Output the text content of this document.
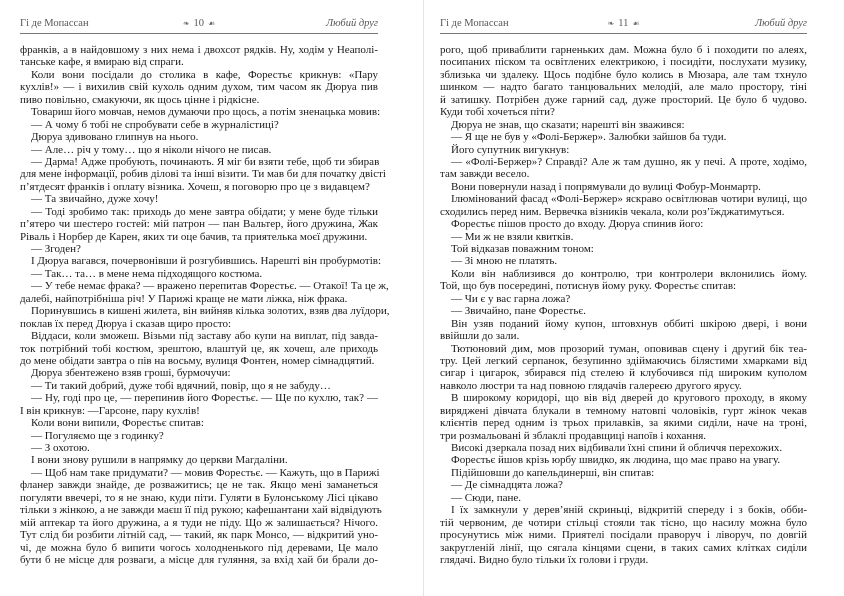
Гі де Мопассан	❧ 10 ☙	Любий друг
франків, а в найдовшому з них нема і двохсот рядків. Ну, ходім у Неаполі-
танське кафе, я вмираю від спраги.
Коли вони посідали до столика в кафе, Форестьє крикнув: «Пару
кухлів!» — і вихилив свій кухоль одним духом, тим часом як Дюруа пив
пиво повільно, смакуючи, як щось цінне і рідкісне.
Товариш його мовчав, немов думаючи про щось, а потім зненацька мовив:
— А чому б тобі не спробувати себе в журналістиці?
Дюруа здивовано глипнув на нього.
— Але… річ у тому… що я ніколи нічого не писав.
— Дарма! Адже пробують, починають. Я міг би взяти тебе, щоб ти збирав
для мене інформації, робив ділові та інші візити. Ти мав би для початку двісті
п’ятдесят франків і оплату візника. Хочеш, я поговорю про це з видавцем?
— Та звичайно, дуже хочу!
— Тоді зробимо так: приходь до мене завтра обідати; у мене буде тільки
п’ятеро чи шестеро гостей: мій патрон — пан Вальтер, його дружина, Жак
Ріваль і Норбер де Карен, яких ти оце бачив, та приятелька моєї дружини.
— Згоден?
І Дюруа вагався, почервонівши й розгубившись. Нарешті він пробурмотів:
— Так… та… в мене нема підходящого костюма.
— У тебе немає фрака? — вражено перепитав Форестьє. — Отакої! Та це ж,
далебі, найпотрібніша річ! У Парижі краще не мати ліжка, ніж фрака.
Поринувшись в кишені жилета, він вийняв кілька золотих, взяв два луїдори,
поклав їх перед Дюруа і сказав щиро просто:
Віддаси, коли зможеш. Візьми під заставу або купи на виплат, під завда-
ток потрібний тобі костюм, зрештою, влаштуй це, як хочеш, але приходь
до мене обідати завтра о пів на восьму, вулиця Фонтен, номер сімнадцятий.
Дюруа збентежено взяв гроші, бурмочучи:
— Ти такий добрий, дуже тобі вдячний, повір, що я не забуду…
— Ну, годі про це, — перепинив його Форестьє. — Ще по кухлю, так? —
І він крикнув: —Гарсоне, пару кухлів!
Коли вони випили, Форестьє спитав:
— Погуляємо ще з годинку?
— З охотою.
І вони знову рушили в напрямку до церкви Магдаліни.
— Щоб нам таке придумати? — мовив Форестьє. — Кажуть, що в Парижі
фланер завжди знайде, де розважитись; це не так. Якщо мені заманеться
погуляти ввечері, то я не знаю, куди піти. Гуляти в Булонському Лісі цікаво
тільки з жінкою, а не завжди маєш її під рукою; кафешантани хай відвідують
мій аптекар та його дружина, а я туди не піду. Що ж залишається? Нічого.
Тут слід би розбити літній сад, — такий, як парк Монсо, — відкритий уно-
чі, де можна було б випити чогось холодненького під деревами, Це мало
бути б не місце для розваги, а місце для гуляння, за вхід хай би брали до-
Гі де Мопассан	❧ 11 ☙	Любий друг
рого, щоб приваблити гарненьких дам. Можна було б і походити по алеях,
посипаних піском та освітлених електрикою, і посидіти, послухати музику,
зблизька чи здалеку. Щось подібне було колись в Мюзара, але там тхнуло
шинком — надто багато танцювальних мелодій, але мало простору, тіні
й затишку. Потрібен дуже гарний сад, дуже просторий. Це було б чудово.
Куди тобі хочеться піти?
Дюруа не знав, що сказати; нарешті він зважився:
— Я ще не був у «Фолі-Бержер». Залюбки зайшов ба туди.
Його супутник вигукнув:
— «Фолі-Бержер»? Справді? Але ж там душно, як у печі. А проте, ходімо,
там завжди весело.
Вони повернули назад і попрямували до вулиці Фобур-Монмартр.
Ілюмінований фасад «Фолі-Бержер» яскраво освітлював чотири вулиці, що
сходились перед ним. Вервечка візників чекала, коли роз’їжджатимуться.
Форестьє пішов просто до входу. Дюруа спинив його:
— Ми ж не взяли квитків.
Той відказав поважним тоном:
— Зі мною не платять.
Коли він наблизився до контролю, три контролери вклонились йому.
Той, що був посередині, потиснув йому руку. Форестьє спитав:
— Чи є у вас гарна ложа?
— Звичайно, пане Форестьє.
Він узяв поданий йому купон, штовхнув оббиті шкірою двері, і вони
ввійшли до зали.
Тютюновий дим, мов прозорий туман, оповивав сцену і другий бік теа-
тру. Цей легкий серпанок, безупинно здіймаючись білястими хмарками від
сигар і цигарок, збирався під стелею й клубочився під широким куполом
навколо люстри та над повною глядачів галереєю другого ярусу.
В широкому коридорі, що вів від дверей до кругового проходу, в якому
виряджені дівчата блукали в темному натовпі чоловіків, гурт жінок чекав
клієнтів перед одним із трьох прилавків, за якими сиділи, наче на троні,
три розмальовані й зблаклі продавщиці напоїв і кохання.
Високі дзеркала позад них відбивали їхні спини й обличчя перехожих.
Форестьє йшов крізь юрбу швидко, як людина, що має право на увагу.
Підійшовши до капельдинерші, він спитав:
— Де сімнадцята ложа?
— Сюди, пане.
І їх замкнули у дерев’яній скриньці, відкритій спереду і з боків, обби-
тій червоним, де чотири стільці стояли так тісно, що насилу можна було
просунутись між ними. Приятелі посідали праворуч і ліворуч, по довгій
закругленій лінії, що сягала кінцями сцени, в таких самих клітках сиділи
глядачі. Видно було тільки їх голови і груди.
